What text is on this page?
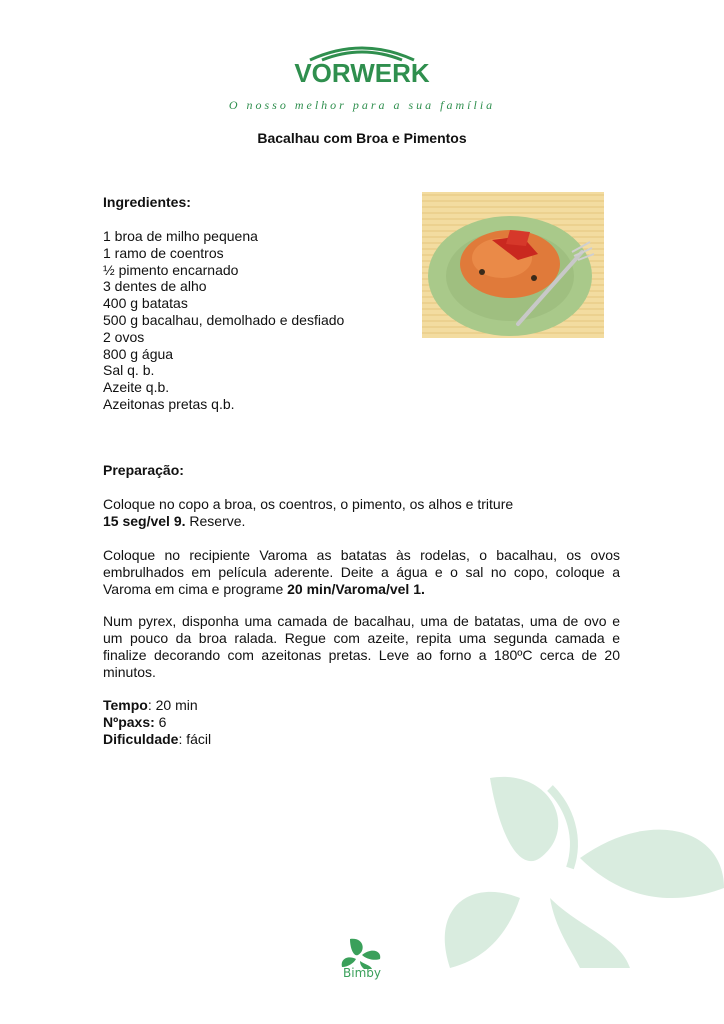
VORWERK
O nosso melhor para a sua família
Bacalhau com Broa e Pimentos
Ingredientes:
1 broa de milho pequena
1 ramo de coentros
½ pimento encarnado
3 dentes de alho
400 g batatas
500 g bacalhau, demolhado e desfiado
2 ovos
800 g água
Sal q. b.
Azeite q.b.
Azeitonas pretas q.b.
Preparação:

Coloque no copo a broa, os coentros, o pimento, os alhos e triture
15 seg/vel 9. Reserve.

Coloque no recipiente Varoma as batatas às rodelas, o bacalhau, os ovos embrulhados em película aderente. Deite a água e o sal no copo, coloque a Varoma em cima e programe 20 min/Varoma/vel 1.

Num pyrex, disponha uma camada de bacalhau, uma de batatas, uma de ovo e um pouco da broa ralada. Regue com azeite, repita uma segunda camada e finalize decorando com azeitonas pretas. Leve ao forno a 180ºC cerca de 20 minutos.

Tempo: 20 min
Nºpaxs: 6
Dificuldade: fácil
Bimby
